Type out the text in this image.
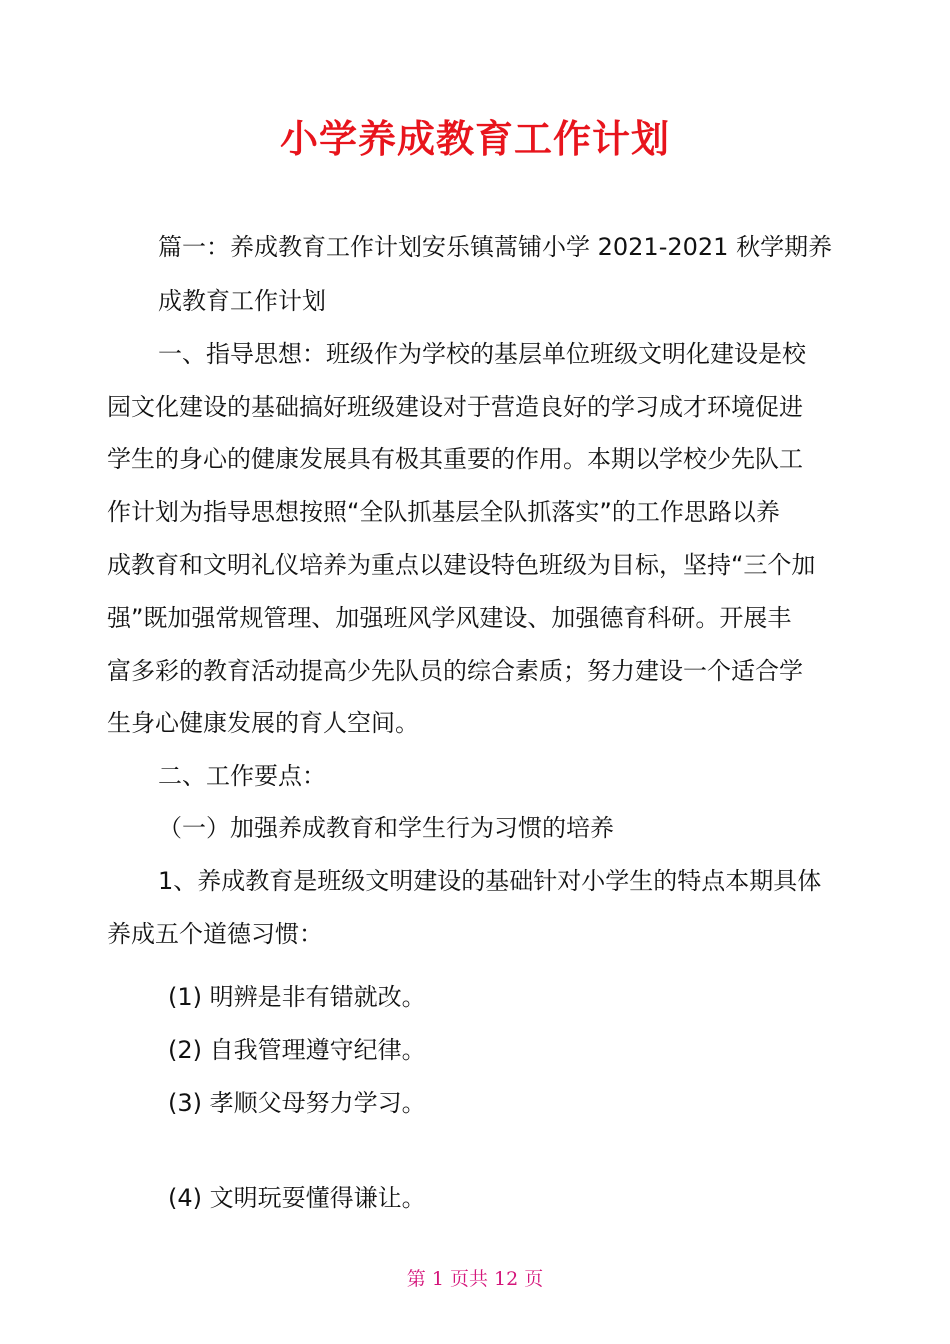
小学养成教育工作计划
篇一：养成教育工作计划安乐镇蒿铺小学 2021-2021 秋学期养
成教育工作计划
一、指导思想：班级作为学校的基层单位班级文明化建设是校
园文化建设的基础搞好班级建设对于营造良好的学习成才环境促进
学生的身心的健康发展具有极其重要的作用。本期以学校少先队工
作计划为指导思想按照“全队抓基层全队抓落实”的工作思路以养
成教育和文明礼仪培养为重点以建设特色班级为目标，坚持“三个加
强”既加强常规管理、加强班风学风建设、加强德育科研。开展丰
富多彩的教育活动提高少先队员的综合素质；努力建设一个适合学
生身心健康发展的育人空间。
二、工作要点：
（一）加强养成教育和学生行为习惯的培养
1、养成教育是班级文明建设的基础针对小学生的特点本期具体
养成五个道德习惯：
(1) 明辨是非有错就改。
(2) 自我管理遵守纪律。
(3) 孝顺父母努力学习。
(4) 文明玩耍懂得谦让。
第 1 页共 12 页
